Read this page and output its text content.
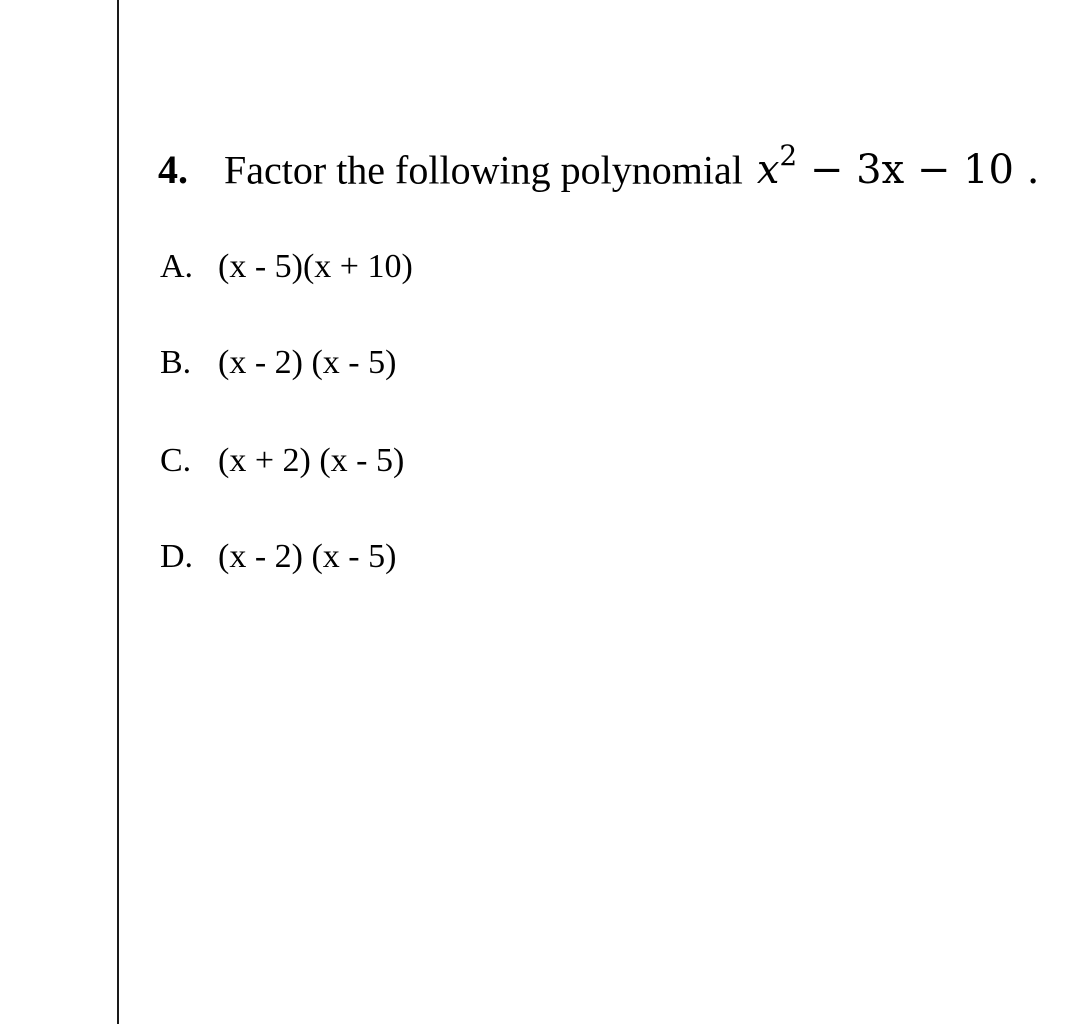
4. Factor the following polynomial $x^2 - 3x - 10$ .
A. (x - 5)(x + 10)
B. (x - 2) (x - 5)
C. (x + 2) (x - 5)
D. (x - 2) (x - 5)
